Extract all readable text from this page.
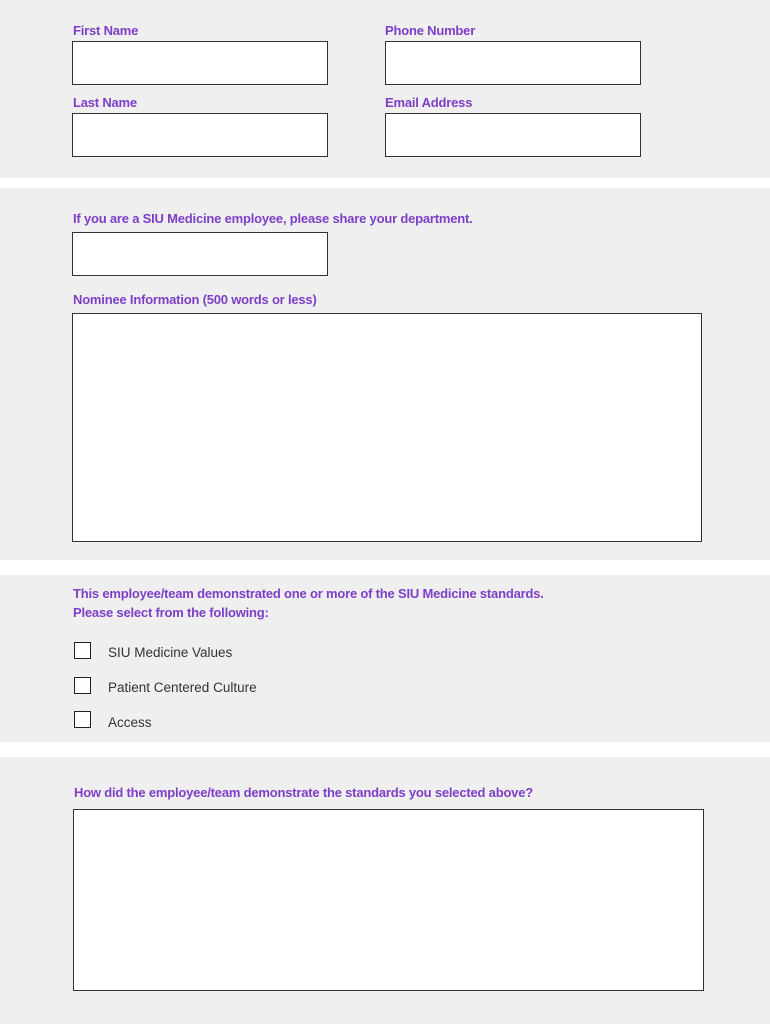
First Name	Phone Number
Last Name	Email Address
If you are a SIU Medicine employee, please share your department.
Nominee Information (500 words or less)
This employee/team demonstrated one or more of the SIU Medicine standards.
Please select from the following:
SIU Medicine Values
Patient Centered Culture
Access
How did the employee/team demonstrate the standards you selected above?
